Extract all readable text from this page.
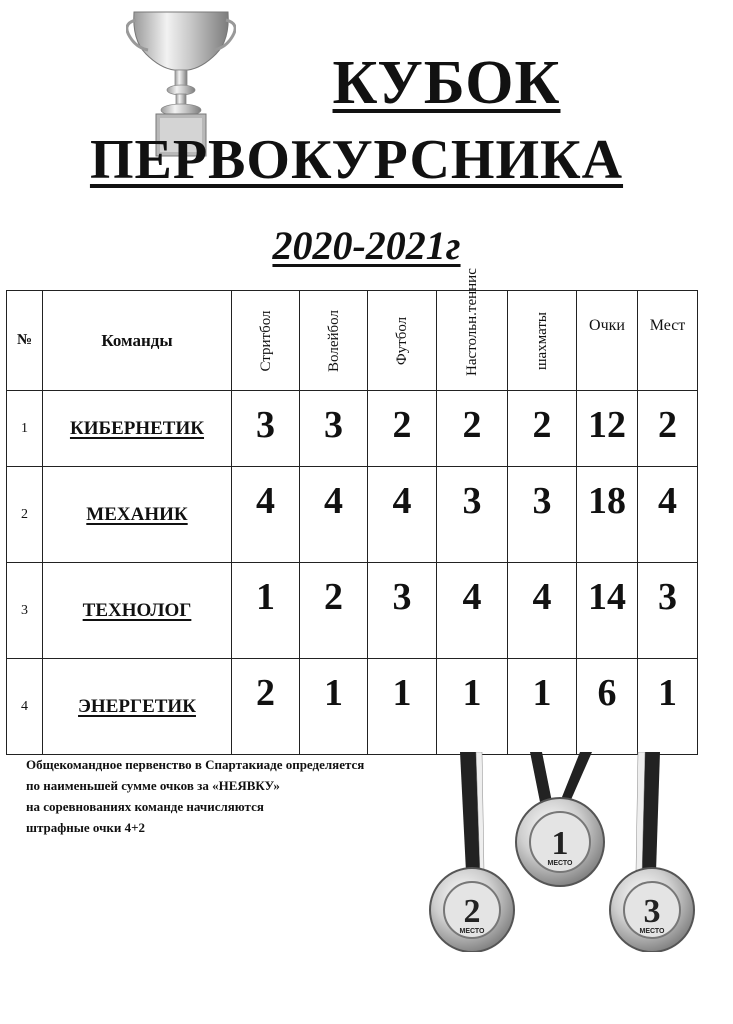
КУБОК
ПЕРВОКУРСНИКА
2020-2021г
№	Команды	Стритбол	Волейбол	Футбол	Настольн.теннис	шахматы	Очки	Мест
1	КИБЕРНЕТИК	3	3	2	2	2	12	2
2	МЕХАНИК	4	4	4	3	3	18	4
3	ТЕХНОЛОГ	1	2	3	4	4	14	3
4	ЭНЕРГЕТИК	2	1	1	1	1	6	1
Общекомандное первенство в Спартакиаде определяется
по наименьшей сумме очков за «НЕЯВКУ»
на соревнованиях команде начисляются
штрафные очки 4+2	1
МЕСТО
2
МЕСТО
3
МЕСТО
